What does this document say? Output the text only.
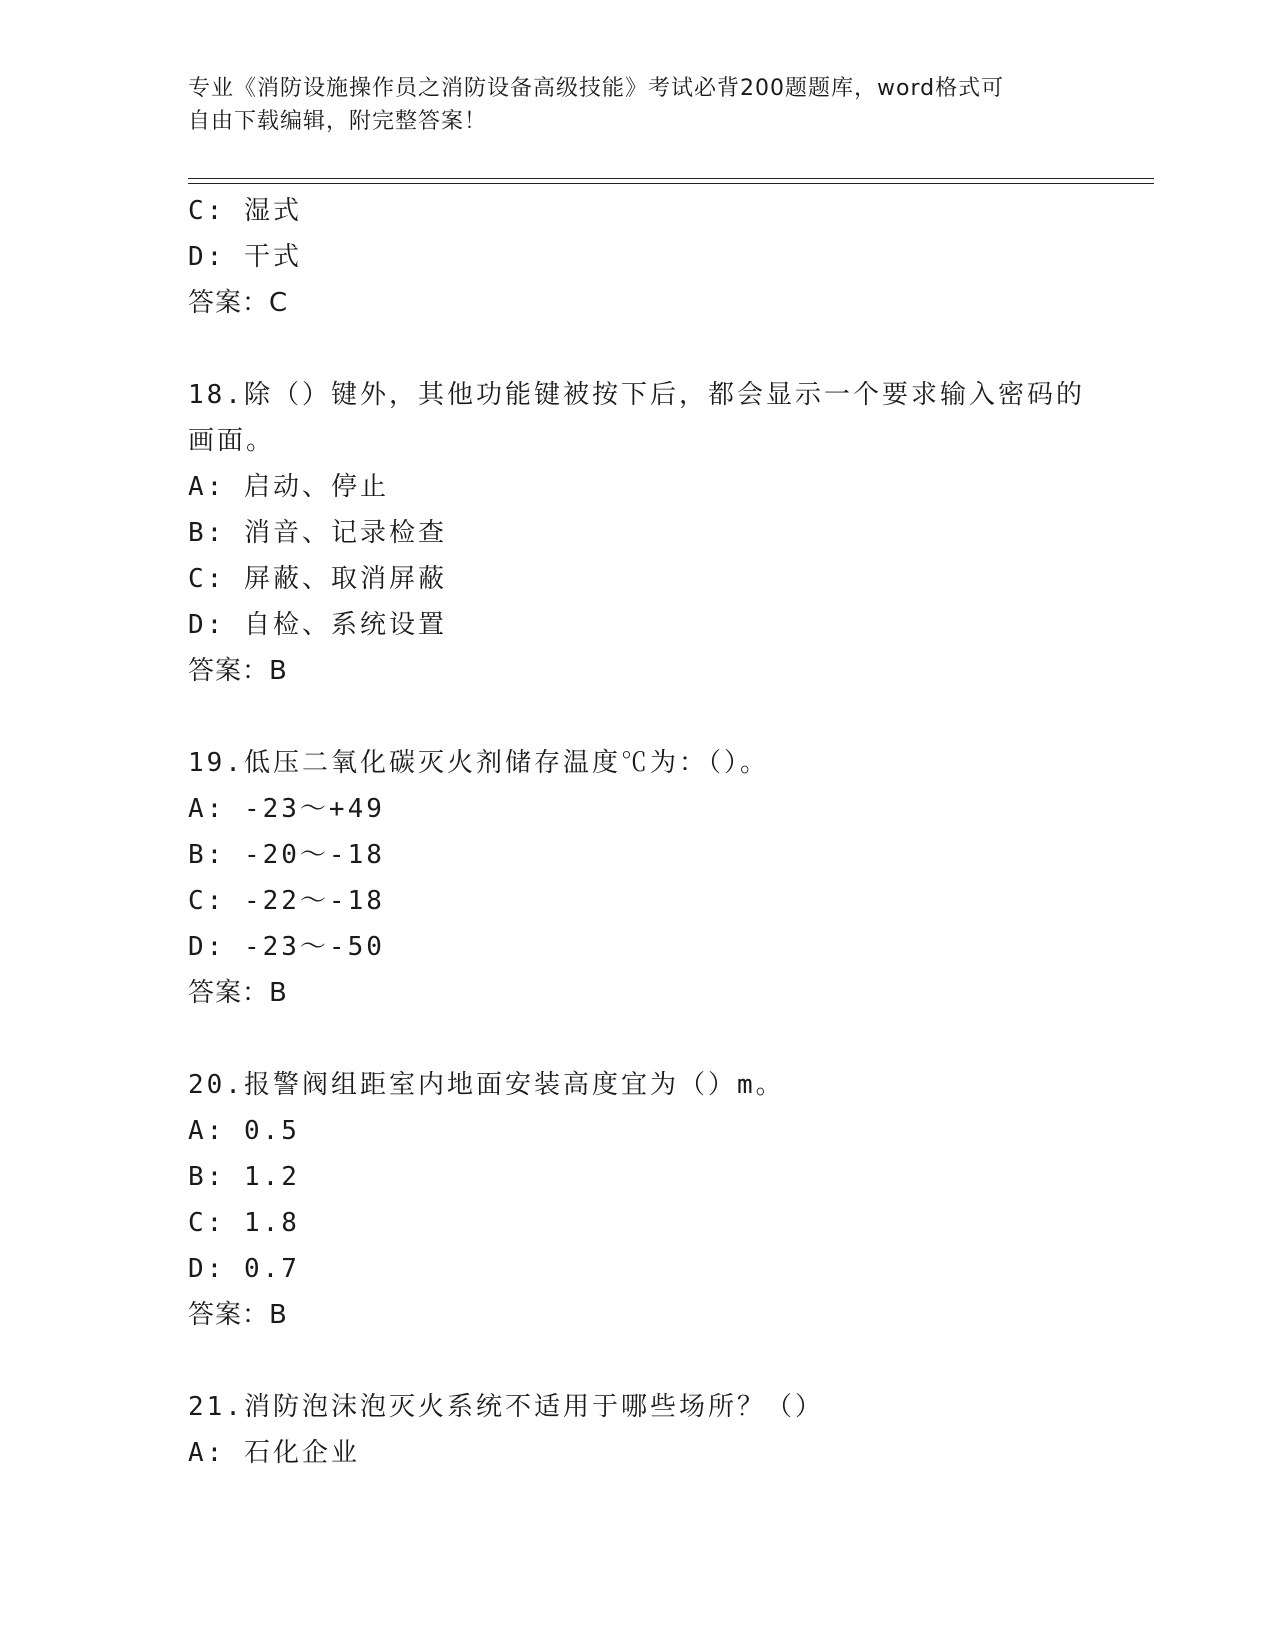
专业《消防设施操作员之消防设备高级技能》考试必背200题题库，word格式可
自由下载编辑，附完整答案！
C: 湿式
D: 干式
答案：C
18.除（）键外，其他功能键被按下后，都会显示一个要求输入密码的
画面。
A: 启动、停止
B: 消音、记录检查
C: 屏蔽、取消屏蔽
D: 自检、系统设置
答案：B
19.低压二氧化碳灭火剂储存温度℃为：（）。
A: -23～+49
B: -20～-18
C: -22～-18
D: -23～-50
答案：B
20.报警阀组距室内地面安装高度宜为（）m。
A: 0.5
B: 1.2
C: 1.8
D: 0.7
答案：B
21.消防泡沫泡灭火系统不适用于哪些场所？（）
A: 石化企业
